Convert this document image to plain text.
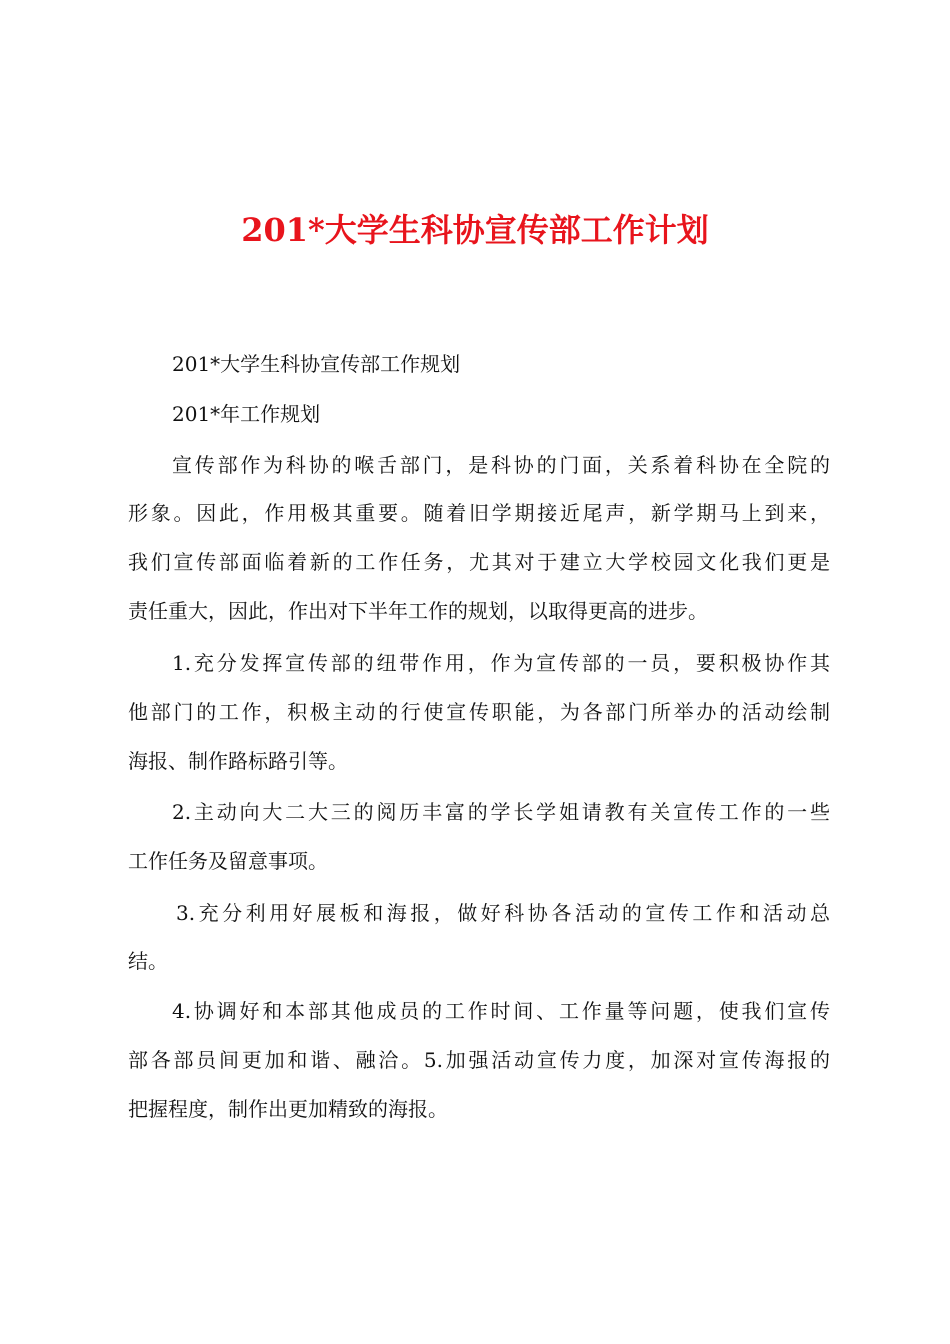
201*大学生科协宣传部工作计划
201*大学生科协宣传部工作规划
201*年工作规划
宣传部作为科协的喉舌部门，是科协的门面，关系着科协在全院的
形象。因此，作用极其重要。随着旧学期接近尾声，新学期马上到来，
我们宣传部面临着新的工作任务，尤其对于建立大学校园文化我们更是
责任重大，因此，作出对下半年工作的规划，以取得更高的进步。
1.充分发挥宣传部的纽带作用，作为宣传部的一员，要积极协作其
他部门的工作，积极主动的行使宣传职能，为各部门所举办的活动绘制
海报、制作路标路引等。
2.主动向大二大三的阅历丰富的学长学姐请教有关宣传工作的一些
工作任务及留意事项。
3.充分利用好展板和海报，做好科协各活动的宣传工作和活动总
结。
4.协调好和本部其他成员的工作时间、工作量等问题，使我们宣传
部各部员间更加和谐、融洽。5.加强活动宣传力度，加深对宣传海报的
把握程度，制作出更加精致的海报。
